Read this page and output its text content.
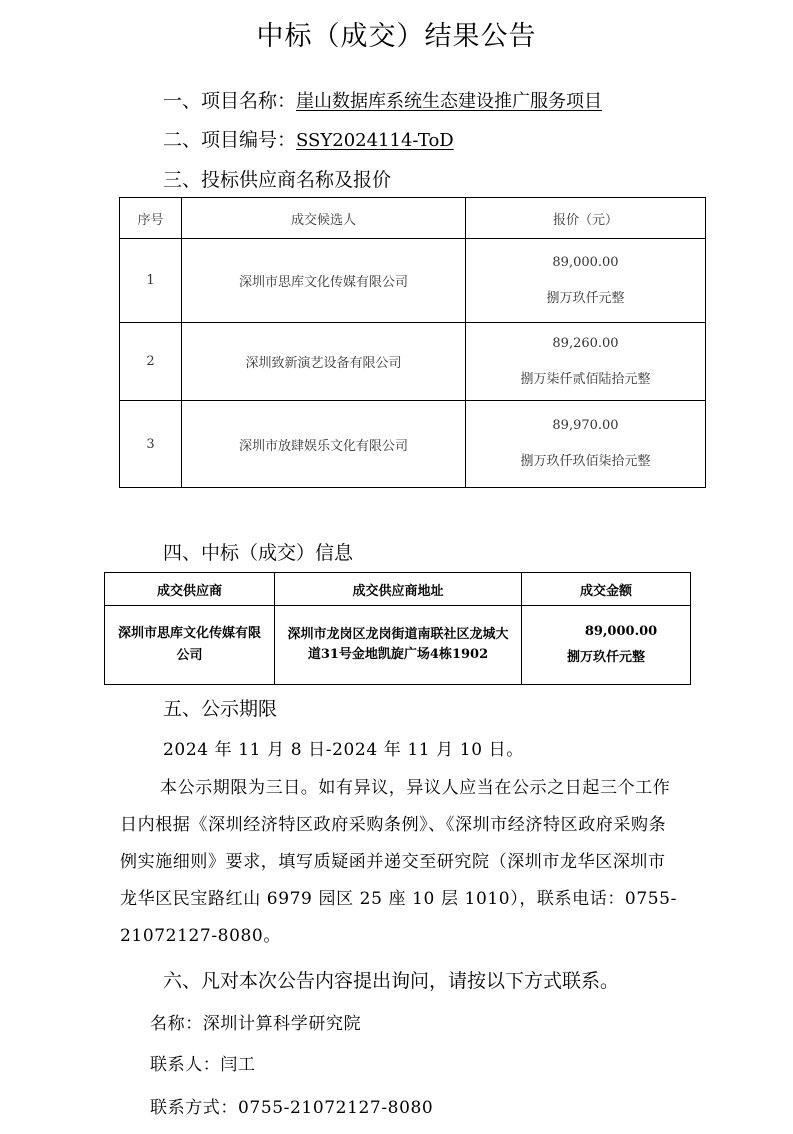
中标（成交）结果公告
一、项目名称：崖山数据库系统生态建设推广服务项目
二、项目编号：SSY2024114-ToD
三、投标供应商名称及报价
序号	成交候选人	报价（元）
1	深圳市思库文化传媒有限公司	89,000.00
捌万玖仟元整

2	深圳致新演艺设备有限公司	89,260.00
捌万柒仟贰佰陆拾元整

3	深圳市放肆娱乐文化有限公司	89,970.00
捌万玖仟玖佰柒拾元整
四、中标（成交）信息
成交供应商	成交供应商地址	成交金额
深圳市思库文化传媒有限公司	深圳市龙岗区龙岗街道南联社区龙城大道31号金地凯旋广场4栋1902	89,000.00
捌万玖仟元整
五、公示期限
2024 年 11 月 8 日-2024 年 11 月 10 日。
本公示期限为三日。如有异议，异议人应当在公示之日起三个工作日内根据《深圳经济特区政府采购条例》、《深圳市经济特区政府采购条例实施细则》要求，填写质疑函并递交至研究院（深圳市龙华区深圳市龙华区民宝路红山 6979 园区 25 座 10 层 1010），联系电话：0755-21072127-8080。
六、凡对本次公告内容提出询问，请按以下方式联系。
名称：深圳计算科学研究院
联系人：闫工
联系方式：0755-21072127-8080
